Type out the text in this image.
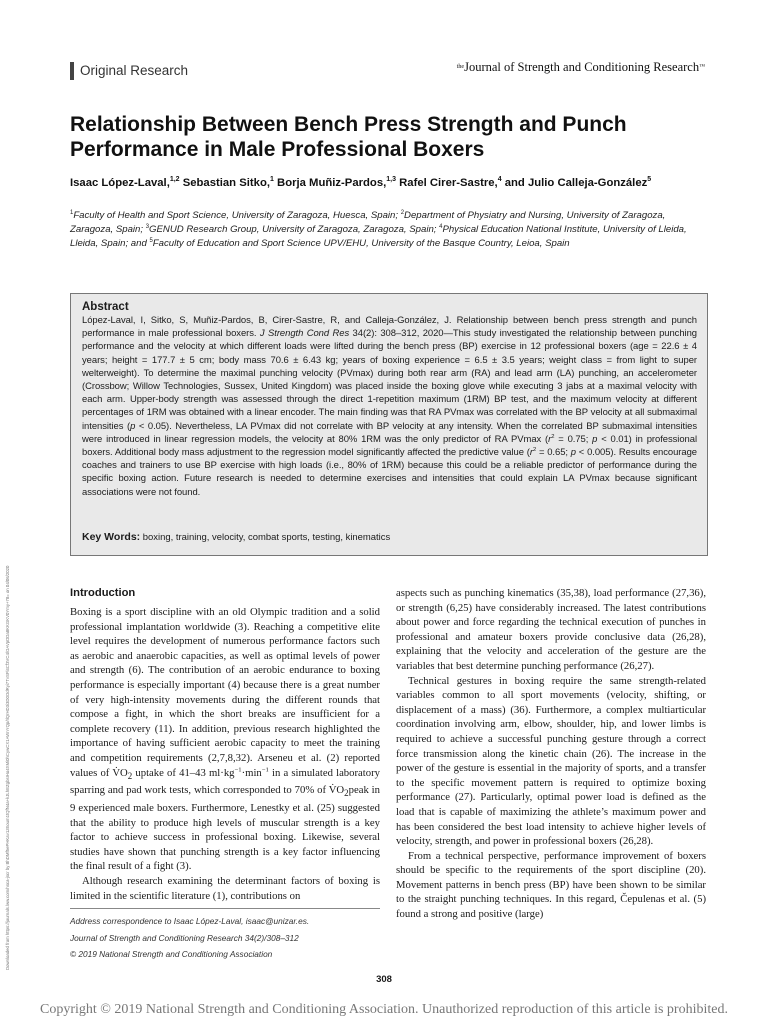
Downloaded from https://journals.lww.com/nsca-jscr by BhDMf5ePHKav1zEoum1tQfN4a+kJLhEZgbsIHo4XMi0hCywCX1AWnYQp/IlQrHD3i3D0OdRyi7TvSFl4Cf3VC4/OAVpDDa8KKGKV0Ymy+78= on 04/06/2020
Original Research	$^{the}$Journal of Strength and Conditioning Research™
Relationship Between Bench Press Strength and Punch Performance in Male Professional Boxers
Isaac López-Laval,$^{1,2}$ Sebastian Sitko,$^1$ Borja Muñiz-Pardos,$^{1,3}$ Rafel Cirer-Sastre,$^4$ and Julio Calleja-González$^5$
$^1$Faculty of Health and Sport Science, University of Zaragoza, Huesca, Spain; $^2$Department of Physiatry and Nursing, University of Zaragoza, Zaragoza, Spain; $^3$GENUD Research Group, University of Zaragoza, Zaragoza, Spain; $^4$Physical Education National Institute, University of Lleida, Lleida, Spain; and $^5$Faculty of Education and Sport Science UPV/EHU, University of the Basque Country, Leioa, Spain
Abstract
López-Laval, I, Sitko, S, Muñiz-Pardos, B, Cirer-Sastre, R, and Calleja-González, J. Relationship between bench press strength and punch performance in male professional boxers. J Strength Cond Res 34(2): 308–312, 2020—This study investigated the relationship between punching performance and the velocity at which different loads were lifted during the bench press (BP) exercise in 12 professional boxers (age = 22.6 ± 4 years; height = 177.7 ± 5 cm; body mass 70.6 ± 6.43 kg; years of boxing experience = 6.5 ± 3.5 years; weight class = from light to super welterweight). To determine the maximal punching velocity (PVmax) during both rear arm (RA) and lead arm (LA) punching, an accelerometer (Crossbow; Willow Technologies, Sussex, United Kingdom) was placed inside the boxing glove while executing 3 jabs at a maximal velocity with each arm. Upper-body strength was assessed through the direct 1-repetition maximum (1RM) BP test, and the maximum velocity at different percentages of 1RM was obtained with a linear encoder. The main finding was that RA PVmax was correlated with the BP velocity at all submaximal intensities (p < 0.05). Nevertheless, LA PVmax did not correlate with BP velocity at any intensity. When the correlated BP submaximal intensities were introduced in linear regression models, the velocity at 80% 1RM was the only predictor of RA PVmax ($r^2 = 0.75$; p < 0.01) in professional boxers. Additional body mass adjustment to the regression model significantly affected the predictive value ($r^2 = 0.65$; p < 0.005). Results encourage coaches and trainers to use BP exercise with high loads (i.e., 80% of 1RM) because this could be a reliable predictor of performance during the specific boxing action. Future research is needed to determine exercises and intensities that could explain LA PVmax because significant associations were not found.
Key Words: boxing, training, velocity, combat sports, testing, kinematics
Introduction

Boxing is a sport discipline with an old Olympic tradition and a solid professional implantation worldwide (3). Reaching a competitive elite level requires the development of numerous performance factors such as aerobic and anaerobic capacities, as well as optimal levels of power and strength (6). The contribution of an aerobic endurance to boxing performance is especially important (4) because there is a great number of very high-intensity movements during the different rounds that compose a fight, in which the short breaks are insufficient for a complete recovery (11). In addition, previous research highlighted the importance of having sufficient aerobic capacity to meet the training and competition requirements (2,7,8,32). Arseneu et al. (2) reported values of $V̇O_2$ uptake of 41–43 $ml\cdot kg^{-1}\cdot\min^{-1}$ in a simulated laboratory sparring and pad work tests, which corresponded to 70% of $V̇O_2peak$ in 9 experienced male boxers. Furthermore, Lenestky et al. (25) suggested that the ability to produce high levels of muscular strength is a key factor to achieve success in professional boxing. Likewise, several studies have shown that punching strength is a key factor influencing the final result of a fight (3).

Although research examining the determinant factors of boxing is limited in the scientific literature (1), contributions on

aspects such as punching kinematics (35,38), load performance (27,36), or strength (6,25) have considerably increased. The latest contributions about power and force regarding the technical execution of punches in professional and amateur boxers provide conclusive data (26,28), explaining that the velocity and acceleration of the gesture are the variables that best determine punching performance (26,27).

Technical gestures in boxing require the same strength-related variables common to all sport movements (velocity, shifting, or displacement of a mass) (36). Furthermore, a complex multiarticular coordination involving arm, elbow, shoulder, hip, and lower limbs is required to achieve a successful punching gesture through a correct force transmission along the kinetic chain (26). The increase in the power of the gesture is essential in the majority of sports, and a transfer to the specific movement pattern is required to optimize boxing performance (27). Particularly, optimal power load is defined as the load that is capable of maximizing the athlete’s maximum power and has been considered the best load intensity to achieve higher levels of velocity, strength, and power in professional boxers (26,28).

From a technical perspective, performance improvement of boxers should be specific to the requirements of the sport discipline (20). Movement patterns in bench press (BP) have been shown to be similar to the straight punching techniques. In this regard, Čepulenas et al. (5) found a strong and positive (large)

Address correspondence to Isaac López-Laval, isaac@unizar.es.
Journal of Strength and Conditioning Research 34(2)/308–312
© 2019 National Strength and Conditioning Association
308
Copyright © 2019 National Strength and Conditioning Association. Unauthorized reproduction of this article is prohibited.
